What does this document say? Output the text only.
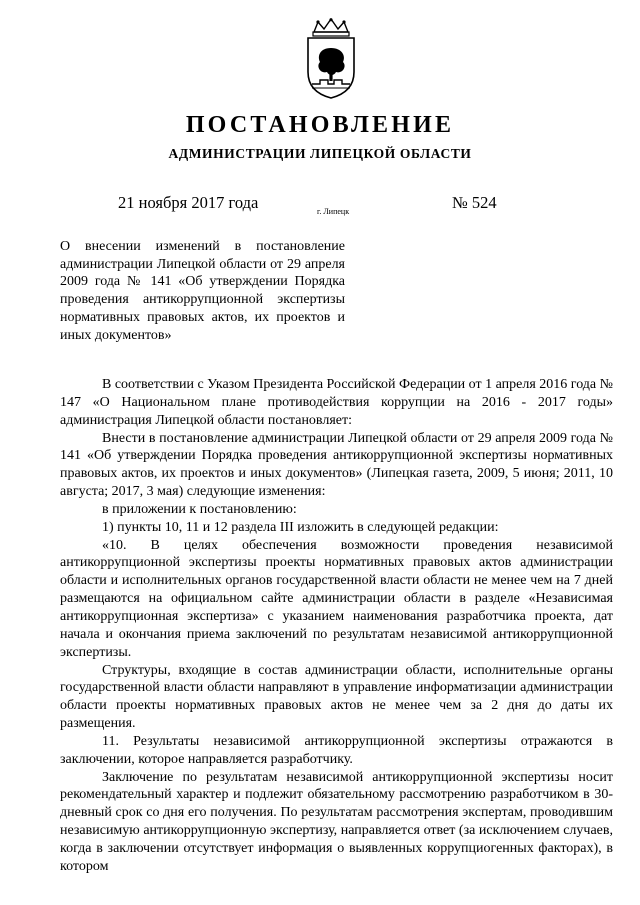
ПОСТАНОВЛЕНИЕ
АДМИНИСТРАЦИИ ЛИПЕЦКОЙ ОБЛАСТИ
21 ноября 2017 года	г. Липецк	№ 524
О внесении изменений в постановление администрации Липецкой области от 29 апреля 2009 года № 141 «Об утверждении Порядка проведения антикоррупционной экспертизы нормативных правовых актов, их проектов и иных документов»

В соответствии с Указом Президента Российской Федерации от 1 апреля 2016 года № 147 «О Национальном плане противодействия коррупции на 2016 - 2017 годы» администрация Липецкой области постановляет:

Внести в постановление администрации Липецкой области от 29 апреля 2009 года № 141 «Об утверждении Порядка проведения антикоррупционной экспертизы нормативных правовых актов, их проектов и иных документов» (Липецкая газета, 2009, 5 июня; 2011, 10 августа; 2017, 3 мая) следующие изменения:

в приложении к постановлению:

1) пункты 10, 11 и 12 раздела III изложить в следующей редакции:

«10. В целях обеспечения возможности проведения независимой антикоррупционной экспертизы проекты нормативных правовых актов администрации области и исполнительных органов государственной власти области не менее чем на 7 дней размещаются на официальном сайте администрации области в разделе «Независимая антикоррупционная экспертиза» с указанием наименования разработчика проекта, дат начала и окончания приема заключений по результатам независимой антикоррупционной экспертизы.

Структуры, входящие в состав администрации области, исполнительные органы государственной власти области направляют в управление информатизации администрации области проекты нормативных правовых актов не менее чем за 2 дня до даты их размещения.

11. Результаты независимой антикоррупционной экспертизы отражаются в заключении, которое направляется разработчику.

Заключение по результатам независимой антикоррупционной экспертизы носит рекомендательный характер и подлежит обязательному рассмотрению разработчиком в 30-дневный срок со дня его получения. По результатам рассмотрения экспертам, проводившим независимую антикоррупционную экспертизу, направляется ответ (за исключением случаев, когда в заключении отсутствует информация о выявленных коррупциогенных факторах), в котором
